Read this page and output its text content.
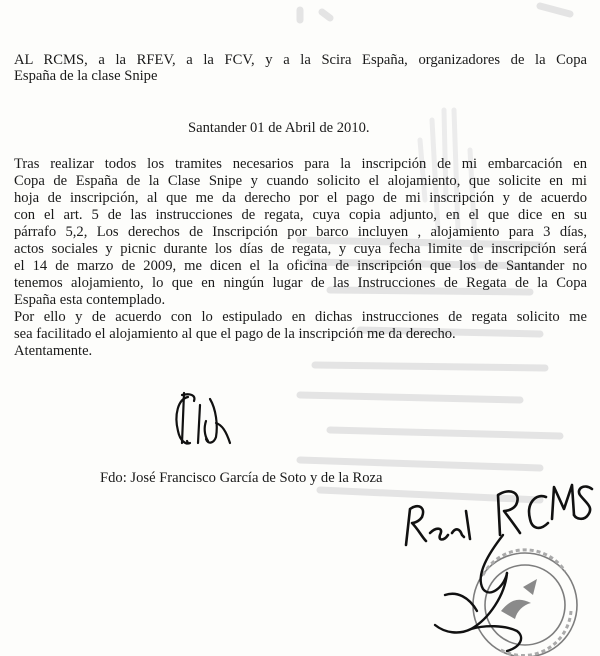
AL RCMS, a la RFEV, a la FCV, y a la Scira España, organizadores de la Copa
España de la clase Snipe
Santander 01 de Abril de 2010.
Tras realizar todos los tramites necesarios para la inscripción de mi embarcación en
Copa de España de la Clase Snipe y cuando solicito el alojamiento, que solicite en mi
hoja de inscripción, al que me da derecho por el pago de mi inscripción y de acuerdo
con el art. 5 de las instrucciones de regata, cuya copia adjunto, en el que dice en su
párrafo 5,2, Los derechos de Inscripción por barco incluyen , alojamiento para 3 días,
actos sociales y picnic durante los días de regata, y cuya fecha limite de inscripción será
el 14 de marzo de 2009, me dicen el la oficina de inscripción que los de Santander no
tenemos alojamiento, lo que en ningún lugar de las Instrucciones de Regata de la Copa
España esta contemplado.
Por ello y de acuerdo con lo estipulado en dichas instrucciones de regata solicito me
sea facilitado el alojamiento al que el pago de la inscripción me da derecho.
Atentamente.
Fdo: José Francisco García de Soto y de la Roza
